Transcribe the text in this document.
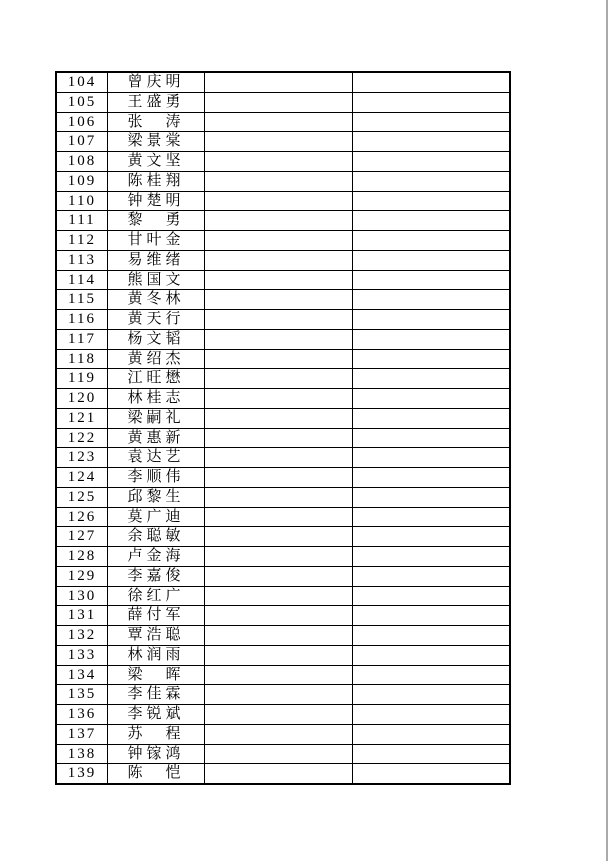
104	曾庆明		
105	王盛勇		
106	张　涛		
107	梁景棠		
108	黄文坚		
109	陈桂翔		
110	钟楚明		
111	黎　勇		
112	甘叶金		
113	易维绪		
114	熊国文		
115	黄冬林		
116	黄天行		
117	杨文韬		
118	黄绍杰		
119	江旺懋		
120	林桂志		
121	梁嗣礼		
122	黄惠新		
123	袁达艺		
124	李顺伟		
125	邱黎生		
126	莫广迪		
127	余聪敏		
128	卢金海		
129	李嘉俊		
130	徐红广		
131	薛付军		
132	覃浩聪		
133	林润雨		
134	梁　晖		
135	李佳霖		
136	李锐斌		
137	苏　程		
138	钟镓鸿		
139	陈　恺		
